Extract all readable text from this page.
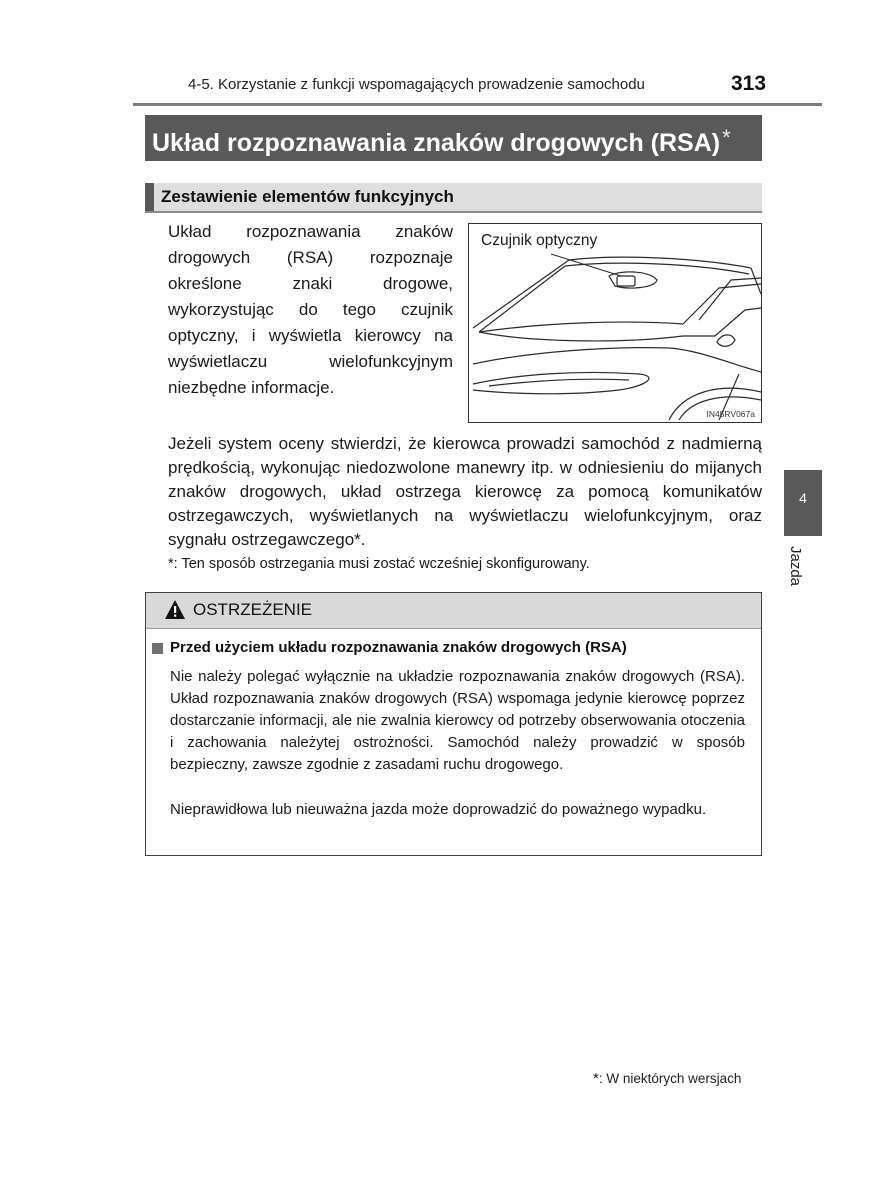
4-5. Korzystanie z funkcji wspomagających prowadzenie samochodu	313
Układ rozpoznawania znaków drogowych (RSA)*
Zestawienie elementów funkcyjnych
Układ rozpoznawania znaków drogowych (RSA) rozpoznaje określone znaki drogowe, wykorzystując do tego czujnik optyczny, i wyświetla kierowcy na wyświetlaczu wielofunkcyjnym niezbędne informacje.
Czujnik optyczny
IN45RV067a
Jeżeli system oceny stwierdzi, że kierowca prowadzi samochód z nadmierną prędkością, wykonując niedozwolone manewry itp. w odniesieniu do mijanych znaków drogowych, układ ostrzega kierowcę za pomocą komunikatów ostrzegawczych, wyświetlanych na wyświetlaczu wielofunkcyjnym, oraz sygnału ostrzegawczego*.
*: Ten sposób ostrzegania musi zostać wcześniej skonfigurowany.
4
Jazda
OSTRZEŻENIE
Przed użyciem układu rozpoznawania znaków drogowych (RSA)
Nie należy polegać wyłącznie na układzie rozpoznawania znaków drogowych (RSA). Układ rozpoznawania znaków drogowych (RSA) wspomaga jedynie kierowcę poprzez dostarczanie informacji, ale nie zwalnia kierowcy od potrzeby obserwowania otoczenia i zachowania należytej ostrożności. Samochód należy prowadzić w sposób bezpieczny, zawsze zgodnie z zasadami ruchu drogowego.
Nieprawidłowa lub nieuważna jazda może doprowadzić do poważnego wypadku.
*: W niektórych wersjach
